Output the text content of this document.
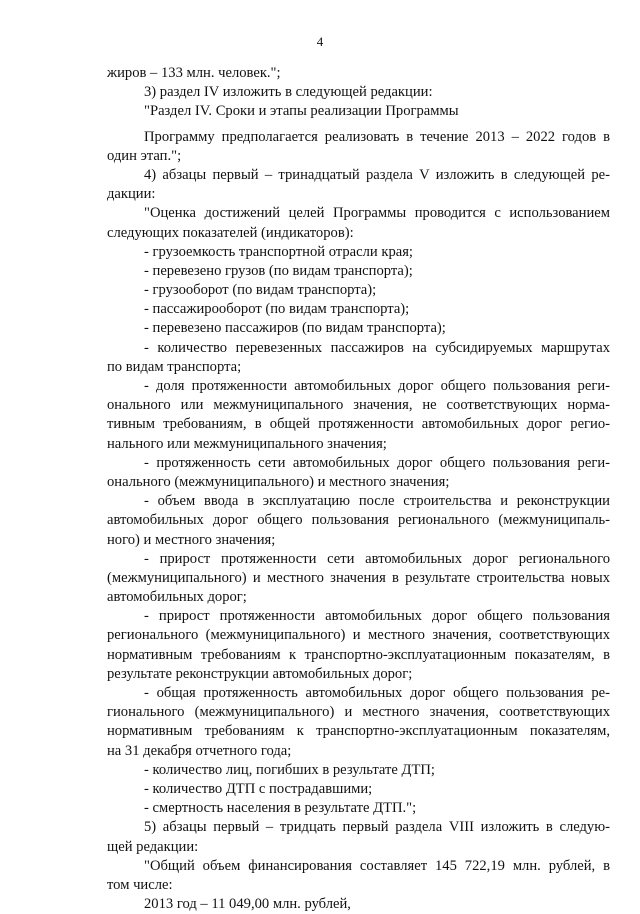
4
жиров – 133 млн. человек.";
3) раздел IV изложить в следующей редакции:
"Раздел IV. Сроки и этапы реализации Программы
Программу предполагается реализовать в течение 2013 – 2022 годов в
один этап.";
4) абзацы первый – тринадцатый раздела V изложить в следующей ре-
дакции:
"Оценка достижений целей Программы проводится с использованием
следующих показателей (индикаторов):
- грузоемкость транспортной отрасли края;
- перевезено грузов (по видам транспорта);
- грузооборот (по видам транспорта);
- пассажирооборот (по видам транспорта);
- перевезено пассажиров (по видам транспорта);
- количество перевезенных пассажиров на субсидируемых маршрутах
по видам транспорта;
- доля протяженности автомобильных дорог общего пользования реги-
онального или межмуниципального значения, не соответствующих норма-
тивным требованиям, в общей протяженности автомобильных дорог регио-
нального или межмуниципального значения;
- протяженность сети автомобильных дорог общего пользования реги-
онального (межмуниципального) и местного значения;
- объем ввода в эксплуатацию после строительства и реконструкции
автомобильных дорог общего пользования регионального (межмуниципаль-
ного) и местного значения;
- прирост протяженности сети автомобильных дорог регионального
(межмуниципального) и местного значения в результате строительства новых
автомобильных дорог;
- прирост протяженности автомобильных дорог общего пользования
регионального (межмуниципального) и местного значения, соответствующих
нормативным требованиям к транспортно-эксплуатационным показателям, в
результате реконструкции автомобильных дорог;
- общая протяженность автомобильных дорог общего пользования ре-
гионального (межмуниципального) и местного значения, соответствующих
нормативным требованиям к транспортно-эксплуатационным показателям,
на 31 декабря отчетного года;
- количество лиц, погибших в результате ДТП;
- количество ДТП с пострадавшими;
- смертность населения в результате ДТП.";
5) абзацы первый – тридцать первый раздела VIII изложить в следую-
щей редакции:
"Общий объем финансирования составляет 145 722,19 млн. рублей, в
том числе:
2013 год – 11 049,00 млн. рублей,
